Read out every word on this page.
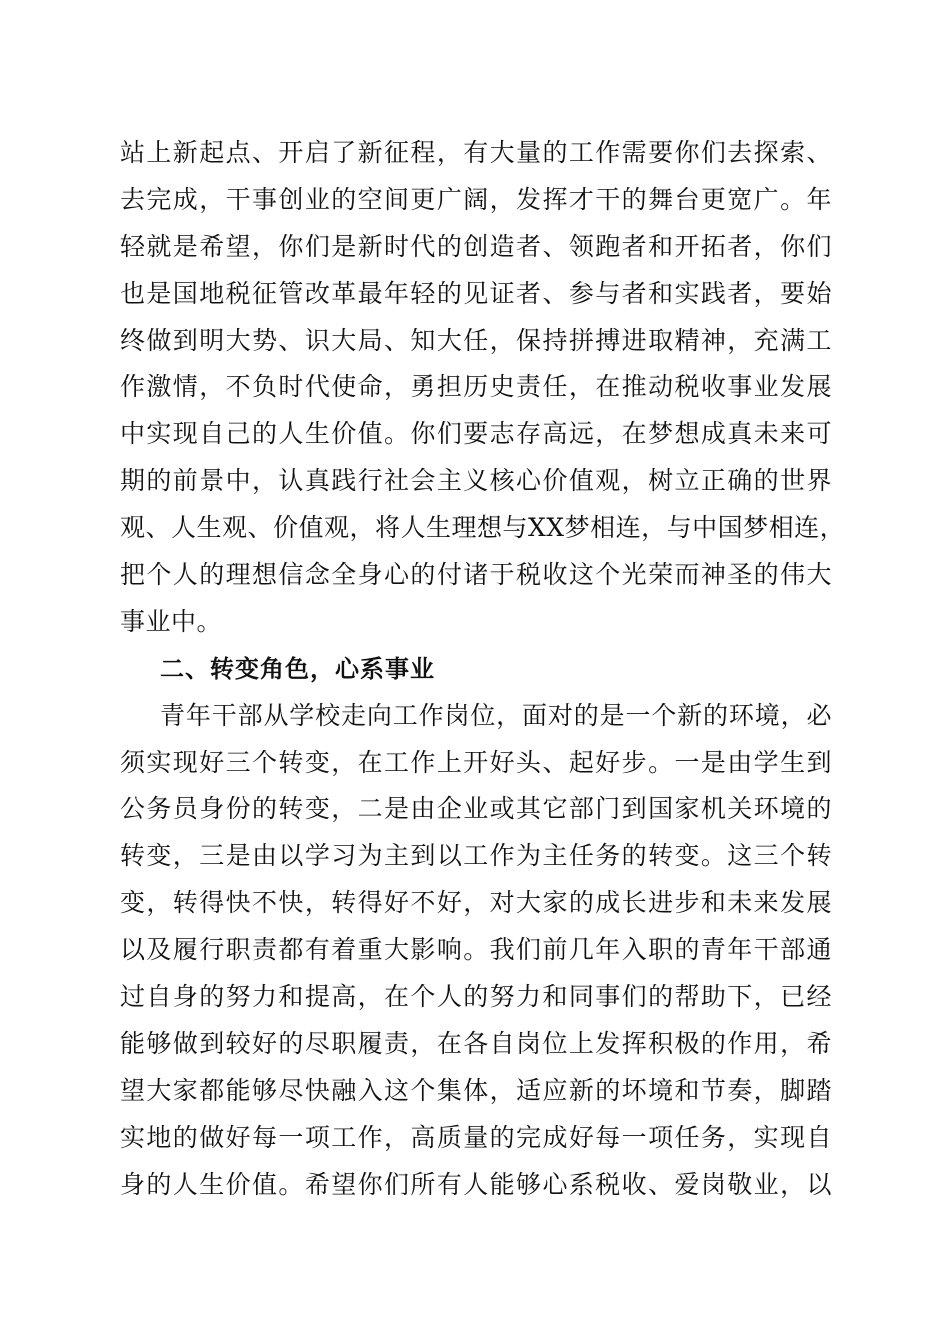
站上新起点、开启了新征程，有大量的工作需要你们去探索、
去完成，干事创业的空间更广阔，发挥才干的舞台更宽广。年
轻就是希望，你们是新时代的创造者、领跑者和开拓者，你们
也是国地税征管改革最年轻的见证者、参与者和实践者，要始
终做到明大势、识大局、知大任，保持拼搏进取精神，充满工
作激情，不负时代使命，勇担历史责任，在推动税收事业发展
中实现自己的人生价值。你们要志存高远，在梦想成真未来可
期的前景中，认真践行社会主义核心价值观，树立正确的世界
观、人生观、价值观，将人生理想与XX梦相连，与中国梦相连，
把个人的理想信念全身心的付诸于税收这个光荣而神圣的伟大
事业中。
二、转变角色，心系事业
青年干部从学校走向工作岗位，面对的是一个新的环境，必
须实现好三个转变，在工作上开好头、起好步。一是由学生到
公务员身份的转变，二是由企业或其它部门到国家机关环境的
转变，三是由以学习为主到以工作为主任务的转变。这三个转
变，转得快不快，转得好不好，对大家的成长进步和未来发展
以及履行职责都有着重大影响。我们前几年入职的青年干部通
过自身的努力和提高，在个人的努力和同事们的帮助下，已经
能够做到较好的尽职履责，在各自岗位上发挥积极的作用，希
望大家都能够尽快融入这个集体，适应新的坏境和节奏，脚踏
实地的做好每一项工作，高质量的完成好每一项任务，实现自
身的人生价值。希望你们所有人能够心系税收、爱岗敬业，以
